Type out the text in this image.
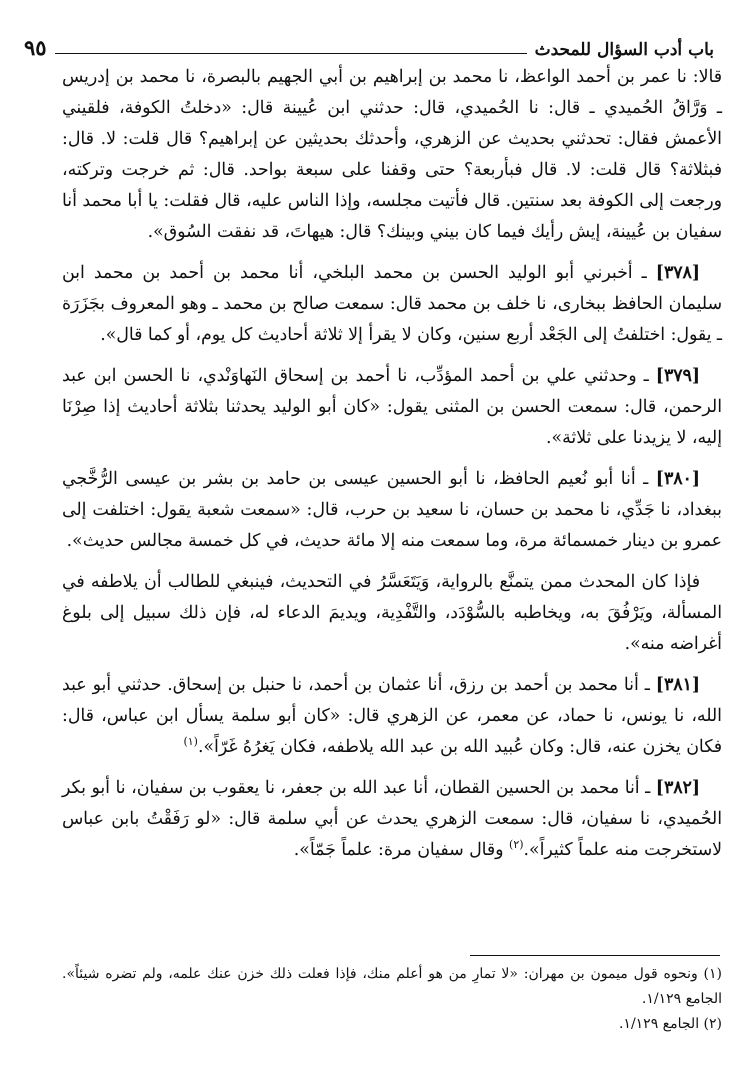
باب أدب السؤال للمحدث
٩٥

قالا: نا عمر بن أحمد الواعظ، نا محمد بن إبراهيم بن أبي الجهيم بالبصرة، نا محمد بن إدريس ـ وَرَّاقُ الحُميدي ـ قال: نا الحُميدي، قال: حدثني ابن عُيينة قال: «دخلتُ الكوفة، فلقيني الأعمش فقال: تحدثني بحديث عن الزهري، وأحدثك بحديثين عن إبراهيم؟ قال قلت: لا. قال: فبثلاثة؟ قال قلت: لا. قال فبأربعة؟ حتى وقفنا على سبعة بواحد. قال: ثم خرجت وتركته، ورجعت إلى الكوفة بعد سنتين. قال فأتيت مجلسه، وإذا الناس عليه، قال فقلت: يا أبا محمد أنا سفيان بن عُيينة، إيش رأيك فيما كان بيني وبينك؟ قال: هيهاتَ، قد نفقت السُوق».

[٣٧٨] ـ أخبرني أبو الوليد الحسن بن محمد البلخي، أنا محمد بن أحمد بن محمد ابن سليمان الحافظ ببخارى، نا خلف بن محمد قال: سمعت صالح بن محمد ـ وهو المعروف بجَزَرَة ـ يقول: اختلفتُ إلى الجَعْد أربع سنين، وكان لا يقرأ إلا ثلاثة أحاديث كل يوم، أو كما قال».

[٣٧٩] ـ وحدثني علي بن أحمد المؤدِّب، نا أحمد بن إسحاق النَهاوَنْدي، نا الحسن ابن عبد الرحمن، قال: سمعت الحسن بن المثنى يقول: «كان أبو الوليد يحدثنا بثلاثة أحاديث إذا صِرْنَا إليه، لا يزيدنا على ثلاثة».

[٣٨٠] ـ أنا أبو نُعيم الحافظ، نا أبو الحسين عيسى بن حامد بن بشر بن عيسى الرُّخَّجي ببغداد، نا جَدِّي، نا محمد بن حسان، نا سعيد بن حرب، قال: «سمعت شعبة يقول: اختلفت إلى عمرو بن دينار خمسمائة مرة، وما سمعت منه إلا مائة حديث، في كل خمسة مجالس حديث».

فإذا كان المحدث ممن يتمنَّع بالرواية، وَيَتَعَسَّرُ في التحديث، فينبغي للطالب أن يلاطفه في المسألة، ويَرْفُقَ به، ويخاطبه بالسُّوْدَد، والتَّفْدِية، ويديمَ الدعاء له، فإن ذلك سبيل إلى بلوغ أغراضه منه».

[٣٨١] ـ أنا محمد بن أحمد بن رزق، أنا عثمان بن أحمد، نا حنبل بن إسحاق. حدثني أبو عبد الله، نا يونس، نا حماد، عن معمر، عن الزهري قال: «كان أبو سلمة يسأل ابن عباس، قال: فكان يخزن عنه، قال: وكان عُبيد الله بن عبد الله يلاطفه، فكان يَغرُهُ غَرّاً».$^{(١)}$

[٣٨٢] ـ أنا محمد بن الحسين القطان، أنا عبد الله بن جعفر، نا يعقوب بن سفيان، نا أبو بكر الحُميدي، نا سفيان، قال: سمعت الزهري يحدث عن أبي سلمة قال: «لو رَفَقْتُ بابن عباس لاستخرجت منه علماً كثيراً».$^{(٢)}$ وقال سفيان مرة: علماً جَمّاً».

(١) ونحوه قول ميمون بن مهران: «لا تمارِ من هو أعلم منك، فإذا فعلت ذلك خزن عنك علمه، ولم تضره شيئاً». الجامع ١/١٢٩.

(٢) الجامع ١/١٢٩.
